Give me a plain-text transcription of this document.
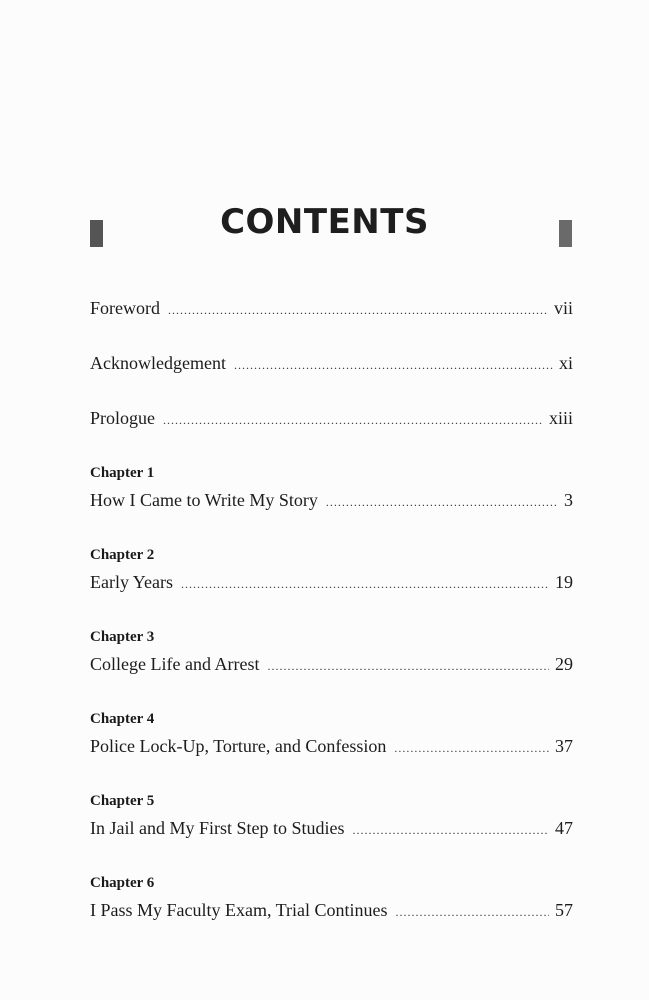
CONTENTS
Foreword .....	vii
Acknowledgement .....	xi
Prologue .....	xiii
Chapter 1
How I Came to Write My Story .....	3
Chapter 2
Early Years .....	19
Chapter 3
College Life and Arrest .....	29
Chapter 4
Police Lock-Up, Torture, and Confession .....	37
Chapter 5
In Jail and My First Step to Studies .....	47
Chapter 6
I Pass My Faculty Exam, Trial Continues .....	57
